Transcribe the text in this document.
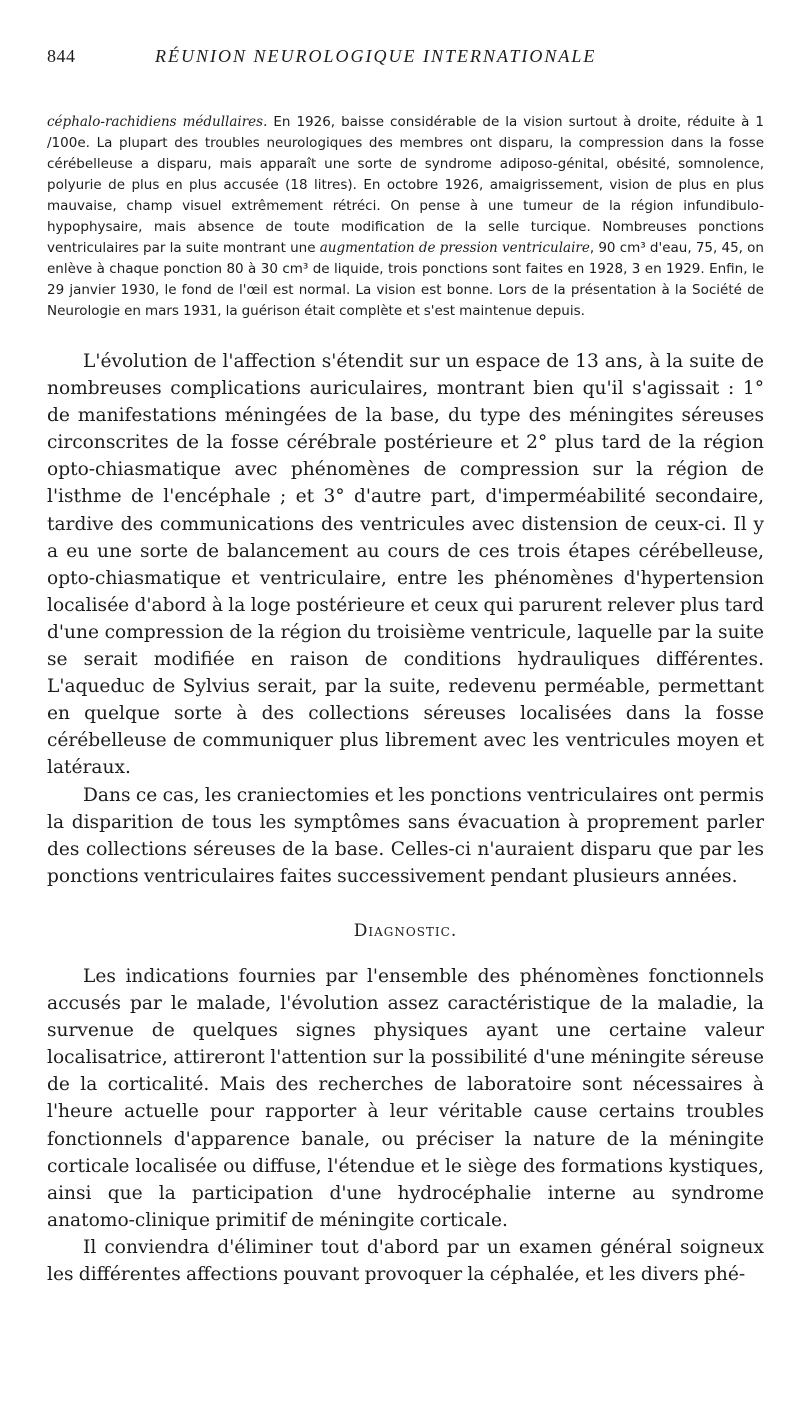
844	RÉUNION NEUROLOGIQUE INTERNATIONALE
céphalo-rachidiens médullaires. En 1926, baisse considérable de la vision surtout à droite, réduite à 1 /100e. La plupart des troubles neurologiques des membres ont disparu, la compression dans la fosse cérébelleuse a disparu, mais apparaît une sorte de syndrome adiposo-génital, obésité, somnolence, polyurie de plus en plus accusée (18 litres). En octobre 1926, amaigrissement, vision de plus en plus mauvaise, champ visuel extrêmement rétréci. On pense à une tumeur de la région infundibulo-hypophysaire, mais absence de toute modification de la selle turcique. Nombreuses ponctions ventriculaires par la suite montrant une augmentation de pression ventriculaire, 90 cm³ d'eau, 75, 45, on enlève à chaque ponction 80 à 30 cm³ de liquide, trois ponctions sont faites en 1928, 3 en 1929. Enfin, le 29 janvier 1930, le fond de l'œil est normal. La vision est bonne. Lors de la présentation à la Société de Neurologie en mars 1931, la guérison était complète et s'est maintenue depuis.

L'évolution de l'affection s'étendit sur un espace de 13 ans, à la suite de nombreuses complications auriculaires, montrant bien qu'il s'agissait : 1° de manifestations méningées de la base, du type des méningites séreuses circonscrites de la fosse cérébrale postérieure et 2° plus tard de la région opto-chiasmatique avec phénomènes de compression sur la région de l'isthme de l'encéphale ; et 3° d'autre part, d'imperméabilité secondaire, tardive des communications des ventricules avec distension de ceux-ci. Il y a eu une sorte de balancement au cours de ces trois étapes cérébelleuse, opto-chiasmatique et ventriculaire, entre les phénomènes d'hypertension localisée d'abord à la loge postérieure et ceux qui parurent relever plus tard d'une compression de la région du troisième ventricule, laquelle par la suite se serait modifiée en raison de conditions hydrauliques différentes. L'aqueduc de Sylvius serait, par la suite, redevenu perméable, permettant en quelque sorte à des collections séreuses localisées dans la fosse cérébelleuse de communiquer plus librement avec les ventricules moyen et latéraux.

Dans ce cas, les craniectomies et les ponctions ventriculaires ont permis la disparition de tous les symptômes sans évacuation à proprement parler des collections séreuses de la base. Celles-ci n'auraient disparu que par les ponctions ventriculaires faites successivement pendant plusieurs années.

Diagnostic.

Les indications fournies par l'ensemble des phénomènes fonctionnels accusés par le malade, l'évolution assez caractéristique de la maladie, la survenue de quelques signes physiques ayant une certaine valeur localisatrice, attireront l'attention sur la possibilité d'une méningite séreuse de la corticalité. Mais des recherches de laboratoire sont nécessaires à l'heure actuelle pour rapporter à leur véritable cause certains troubles fonctionnels d'apparence banale, ou préciser la nature de la méningite corticale localisée ou diffuse, l'étendue et le siège des formations kystiques, ainsi que la participation d'une hydrocéphalie interne au syndrome anatomo-clinique primitif de méningite corticale.

Il conviendra d'éliminer tout d'abord par un examen général soigneux les différentes affections pouvant provoquer la céphalée, et les divers phé-
